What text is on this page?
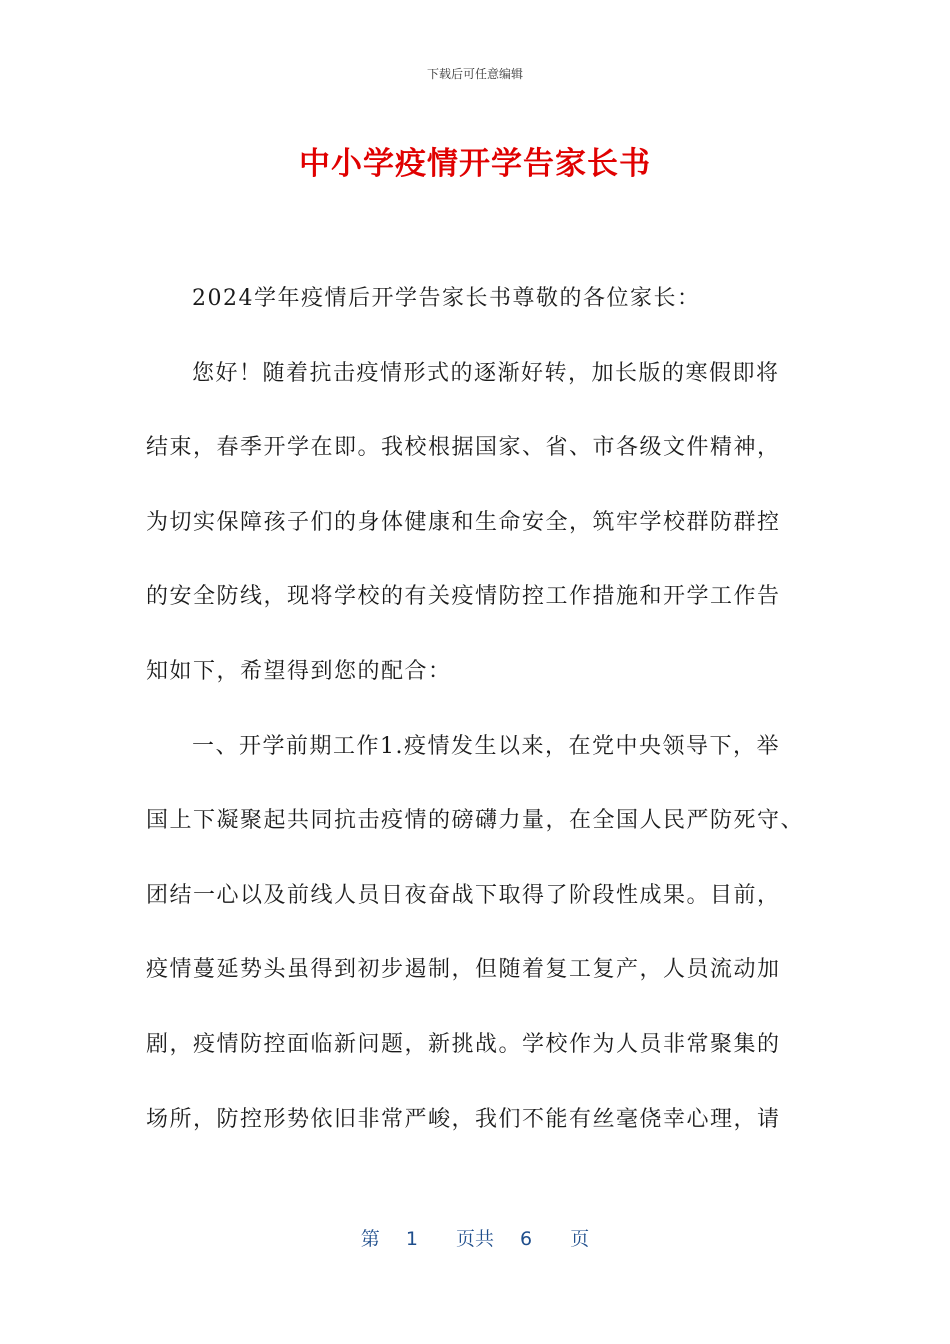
下载后可任意编辑
中小学疫情开学告家长书
2024学年疫情后开学告家长书尊敬的各位家长：
您好！随着抗击疫情形式的逐渐好转，加长版的寒假即将
结束，春季开学在即。我校根据国家、省、市各级文件精神，
为切实保障孩子们的身体健康和生命安全，筑牢学校群防群控
的安全防线，现将学校的有关疫情防控工作措施和开学工作告
知如下，希望得到您的配合：
一、开学前期工作1.疫情发生以来，在党中央领导下，举
国上下凝聚起共同抗击疫情的磅礴力量，在全国人民严防死守、
团结一心以及前线人员日夜奋战下取得了阶段性成果。目前，
疫情蔓延势头虽得到初步遏制，但随着复工复产，人员流动加
剧，疫情防控面临新问题，新挑战。学校作为人员非常聚集的
场所，防控形势依旧非常严峻，我们不能有丝毫侥幸心理，请
第 1 页共 6 页
